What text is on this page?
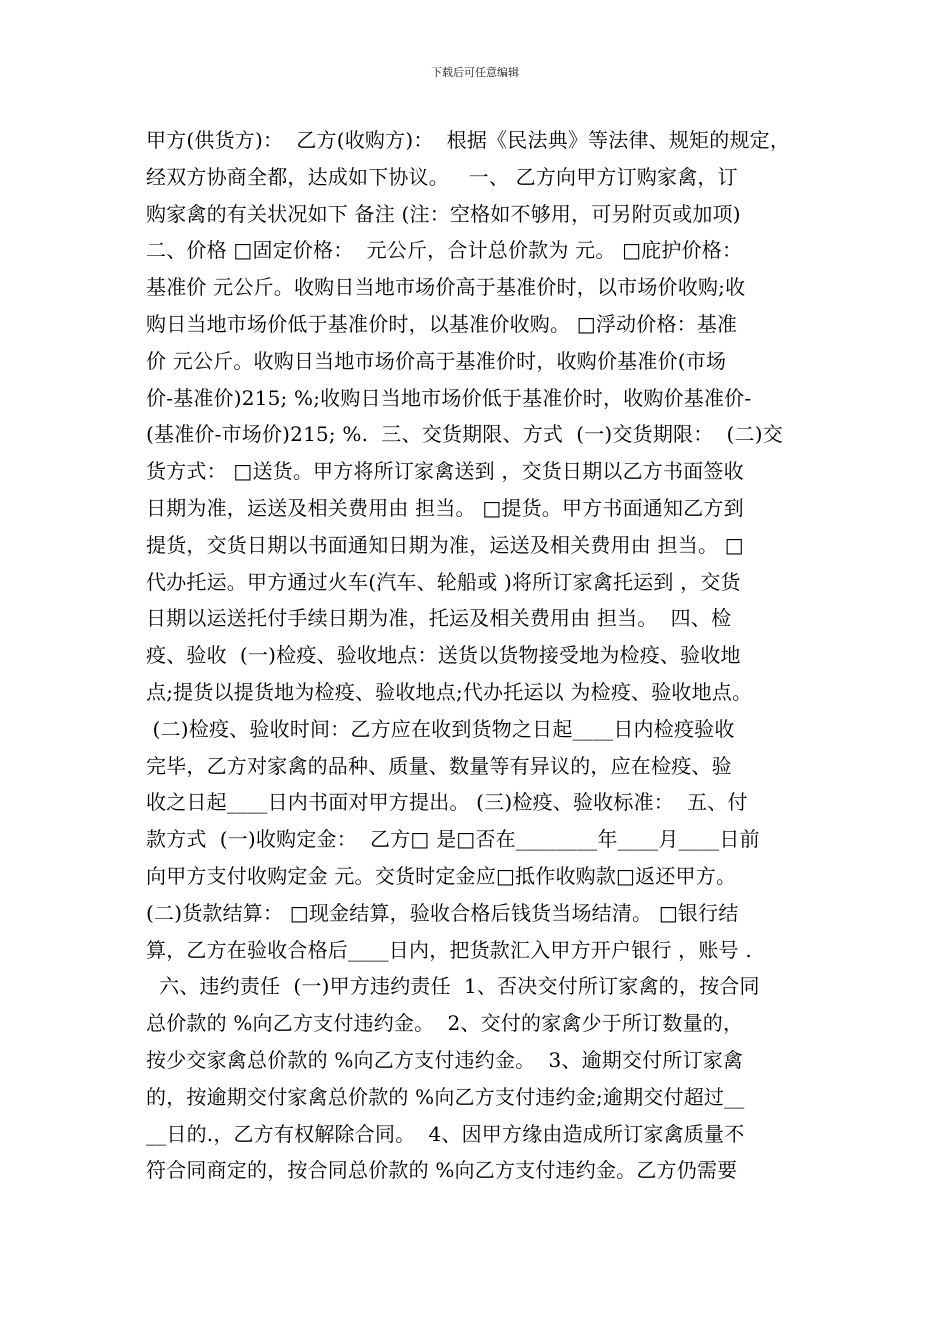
下载后可任意编辑
甲方(供货方)：  乙方(收购方)：  根据《民法典》等法律、规矩的规定，
经双方协商全都，达成如下协议。   一、 乙方向甲方订购家禽，订
购家禽的有关状况如下 备注 (注：空格如不够用，可另附页或加项)
二、价格 □固定价格：  元公斤，合计总价款为 元。 □庇护价格：
基准价 元公斤。收购日当地市场价高于基准价时，以市场价收购;收
购日当地市场价低于基准价时，以基准价收购。 □浮动价格：基准
价 元公斤。收购日当地市场价高于基准价时，收购价基准价(市场
价-基准价)215; %;收购日当地市场价低于基准价时，收购价基准价-
(基准价-市场价)215; %.  三、交货期限、方式  (一)交货期限：  (二)交
货方式： □送货。甲方将所订家禽送到 ，交货日期以乙方书面签收
日期为准，运送及相关费用由 担当。 □提货。甲方书面通知乙方到
提货，交货日期以书面通知日期为准，运送及相关费用由 担当。 □
代办托运。甲方通过火车(汽车、轮船或 )将所订家禽托运到 ，交货
日期以运送托付手续日期为准，托运及相关费用由 担当。  四、检
疫、验收  (一)检疫、验收地点：送货以货物接受地为检疫、验收地
点;提货以提货地为检疫、验收地点;代办托运以 为检疫、验收地点。
(二)检疫、验收时间：乙方应在收到货物之日起____日内检疫验收
完毕，乙方对家禽的品种、质量、数量等有异议的，应在检疫、验
收之日起____日内书面对甲方提出。 (三)检疫、验收标准：  五、付
款方式  (一)收购定金：  乙方□ 是□否在________年____月____日前
向甲方支付收购定金 元。交货时定金应□抵作收购款□返还甲方。
(二)货款结算： □现金结算，验收合格后钱货当场结清。 □银行结
算，乙方在验收合格后____日内，把货款汇入甲方开户银行 ，账号 .
六、违约责任  (一)甲方违约责任  1、否决交付所订家禽的，按合同
总价款的 %向乙方支付违约金。  2、交付的家禽少于所订数量的，
按少交家禽总价款的 %向乙方支付违约金。  3、逾期交付所订家禽
的，按逾期交付家禽总价款的 %向乙方支付违约金;逾期交付超过__
__日的.，乙方有权解除合同。  4、因甲方缘由造成所订家禽质量不
符合同商定的，按合同总价款的 %向乙方支付违约金。乙方仍需要
